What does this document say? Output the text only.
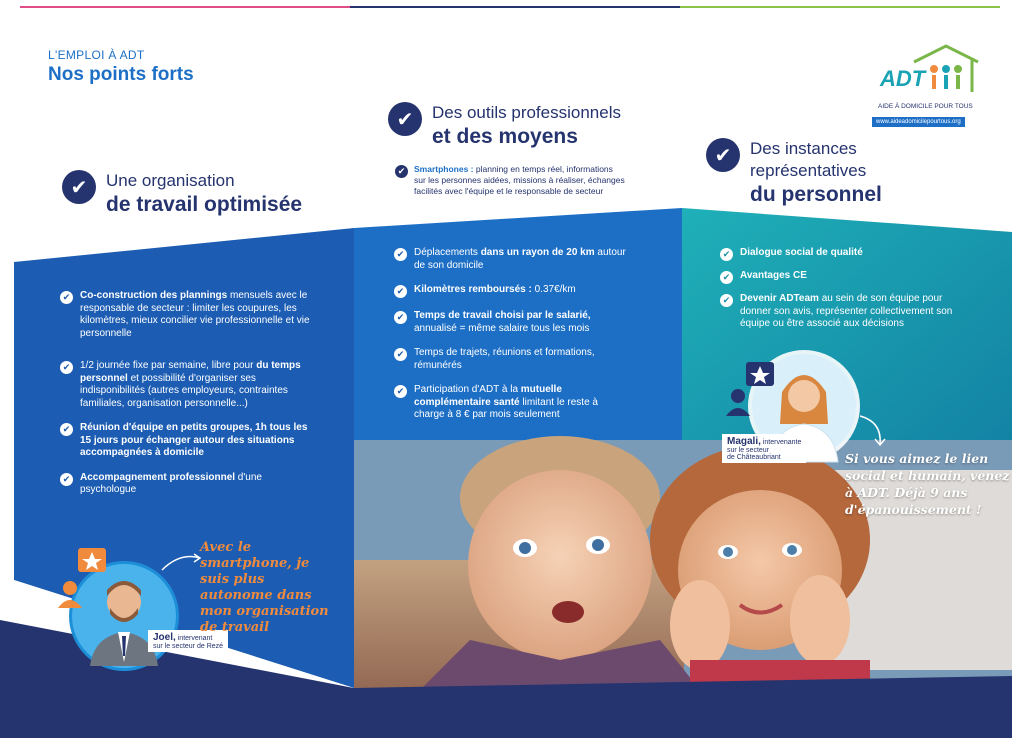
L'EMPLOI À ADT
Nos points forts	ADT
AIDE À DOMICILE POUR TOUS
www.aideadomicilepourtous.org
✔	Une organisation
de travail optimisée
✔	Des outils professionnels
et des moyens
✔	Smartphones : planning en temps réel, informations sur les personnes aidées, missions à réaliser, échanges facilités avec l'équipe et le responsable de secteur
✔	Des instances
représentatives
du personnel
✔ Co-construction des plannings mensuels avec le responsable de secteur : limiter les coupures, les kilomètres, mieux concilier vie professionnelle et vie personnelle
✔ 1/2 journée fixe par semaine, libre pour du temps personnel et possibilité d'organiser ses indisponibilités (autres employeurs, contraintes familiales, organisation personnelle...)
✔ Réunion d'équipe en petits groupes, 1h tous les 15 jours pour échanger autour des situations accompagnées à domicile
✔ Accompagnement professionnel d'une psychologue
✔ Déplacements dans un rayon de 20 km autour de son domicile
✔ Kilomètres remboursés : 0.37€/km
✔ Temps de travail choisi par le salarié, annualisé = même salaire tous les mois
✔ Temps de trajets, réunions et formations, rémunérés
✔ Participation d'ADT à la mutuelle complémentaire santé limitant le reste à charge à 8 € par mois seulement
✔ Dialogue social de qualité
✔ Avantages CE
✔ Devenir ADTeam au sein de son équipe pour donner son avis, représenter collectivement son équipe ou être associé aux décisions
Joel, intervenant
sur le secteur de Rezé
Avec le smartphone, je suis plus autonome dans mon organisation de travail
Magali, intervenante
sur le secteur
de Châteaubriant	Si vous aimez le lien social et humain, venez à ADT. Déjà 9 ans d'épanouissement !
